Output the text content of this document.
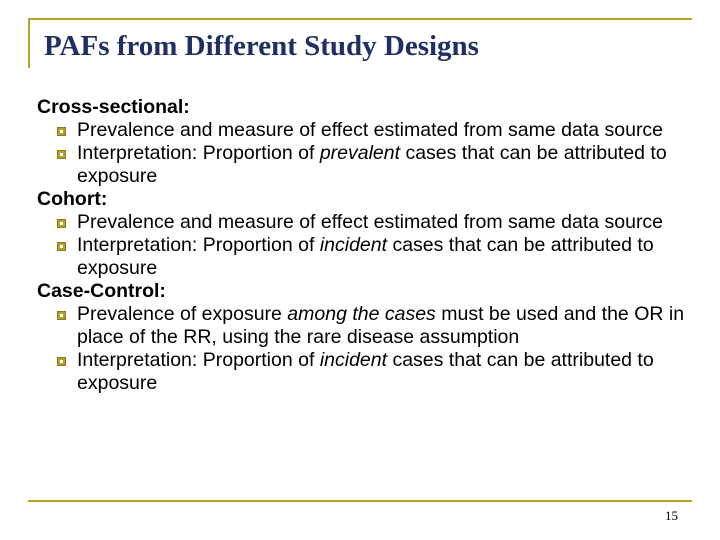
PAFs from Different Study Designs
Cross-sectional:
Prevalence and measure of effect estimated from same data source
Interpretation: Proportion of prevalent cases that can be attributed to exposure
Cohort:
Prevalence and measure of effect estimated from same data source
Interpretation: Proportion of incident cases that can be attributed to exposure
Case-Control:
Prevalence of exposure among the cases must be used and the OR in place of the RR, using the rare disease assumption
Interpretation: Proportion of incident cases that can be attributed to exposure
15
